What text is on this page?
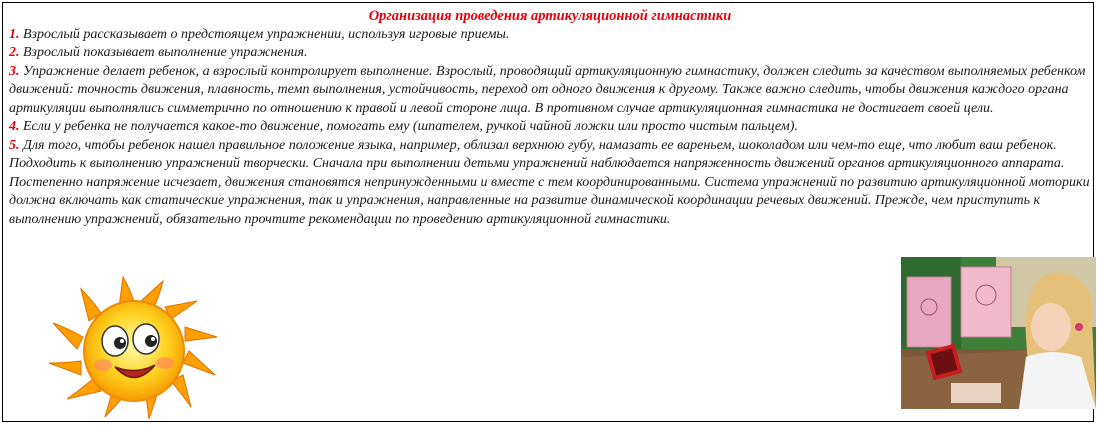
Организация проведения артикуляционной гимнастики

1. Взрослый рассказывает о предстоящем упражнении, используя игровые приемы.

2. Взрослый показывает выполнение упражнения.

3. Упражнение делает ребенок, а взрослый контролирует выполнение. Взрослый, проводящий артикуляционную гимнастику, должен следить за качеством выполняемых ребенком движений: точность движения, плавность, темп выполнения, устойчивость, переход от одного движения к другому. Также важно следить, чтобы движения каждого органа артикуляции выполнялись симметрично по отношению к правой и левой стороне лица. В противном случае артикуляционная гимнастика не достигает своей цели.

4. Если у ребенка не получается какое-то движение, помогать ему (шпателем, ручкой чайной ложки или просто чистым пальцем).

5. Для того, чтобы ребенок нашел правильное положение языка, например, облизал верхнюю губу, намазать ее вареньем, шоколадом или чем-то еще, что любит ваш ребенок. Подходить к выполнению упражнений творчески. Сначала при выполнении детьми упражнений наблюдается напряженность движений органов артикуляционного аппарата. Постепенно напряжение исчезает, движения становятся непринужденными и вместе с тем координированными. Система упражнений по развитию артикуляционной моторики должна включать как статические упражнения, так и упражнения, направленные на развитие динамической координации речевых движений. Прежде, чем приступить к выполнению упражнений, обязательно прочтите рекомендации по проведению артикуляционной гимнастики.
